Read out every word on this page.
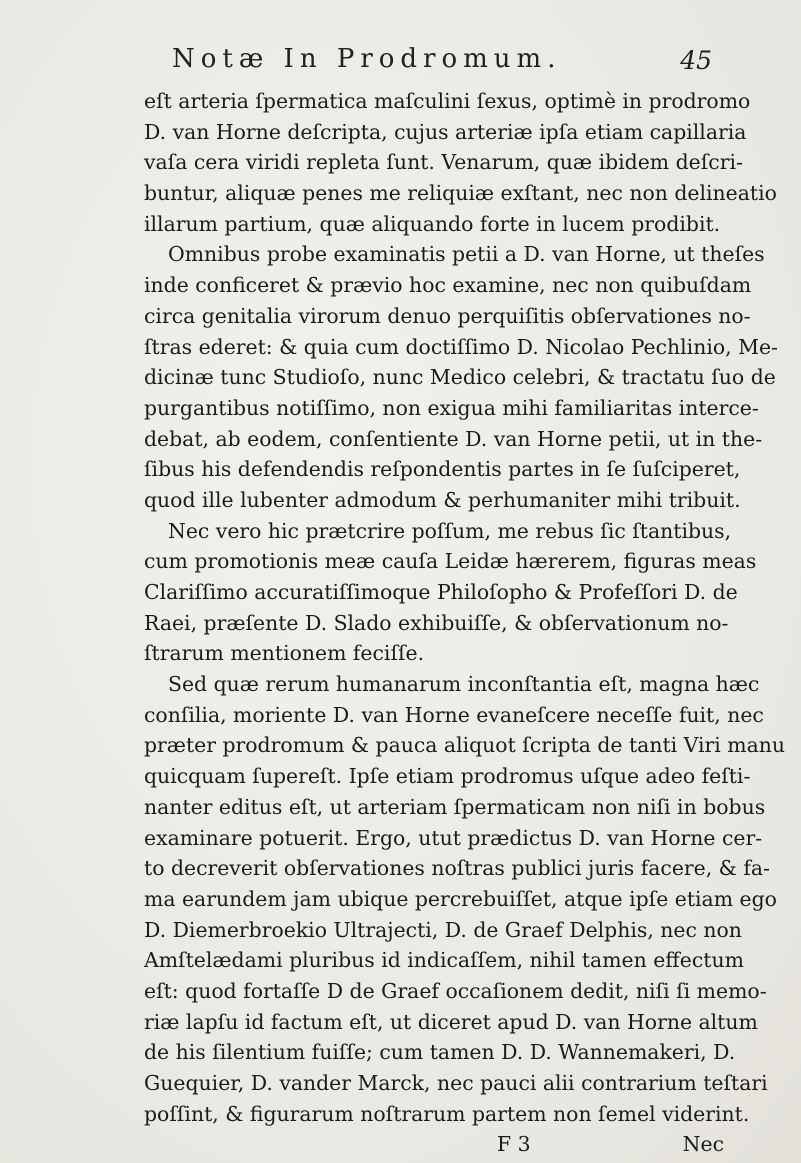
Notæ In Prodromum.	45
eſt arteria ſpermatica maſculini ſexus, optimè in prodromo
D. van Horne deſcripta, cujus arteriæ ipſa etiam capillaria
vaſa cera viridi repleta ſunt. Venarum, quæ ibidem deſcri-
buntur, aliquæ penes me reliquiæ exſtant, nec non delineatio
illarum partium, quæ aliquando forte in lucem prodibit.
Omnibus probe examinatis petii a D. van Horne, ut theſes
inde conficeret & prævio hoc examine, nec non quibuſdam
circa genitalia virorum denuo perquiſitis obſervationes no-
ſtras ederet: & quia cum doctiſſimo D. Nicolao Pechlinio, Me-
dicinæ tunc Studioſo, nunc Medico celebri, & tractatu ſuo de
purgantibus notiſſimo, non exigua mihi familiaritas interce-
debat, ab eodem, conſentiente D. van Horne petii, ut in the-
ſibus his defendendis reſpondentis partes in ſe ſuſciperet,
quod ille lubenter admodum & perhumaniter mihi tribuit.
Nec vero hic prætcrire poſſum, me rebus ſic ſtantibus,
cum promotionis meæ cauſa Leidæ hærerem, figuras meas
Clariſſimo accuratiſſimoque Philoſopho & Profeſſori D. de
Raei, præſente D. Slado exhibuiſſe, & obſervationum no-
ſtrarum mentionem feciſſe.
Sed quæ rerum humanarum inconſtantia eſt, magna hæc
conſilia, moriente D. van Horne evaneſcere neceſſe fuit, nec
præter prodromum & pauca aliquot ſcripta de tanti Viri manu
quicquam ſupereſt. Ipſe etiam prodromus uſque adeo feſti-
nanter editus eſt, ut arteriam ſpermaticam non niſi in bobus
examinare potuerit. Ergo, utut prædictus D. van Horne cer-
to decreverit obſervationes noſtras publici juris facere, & fa-
ma earundem jam ubique percrebuiſſet, atque ipſe etiam ego
D. Diemerbroekio Ultrajecti, D. de Graef Delphis, nec non
Amſtelædami pluribus id indicaſſem, nihil tamen effectum
eſt: quod fortaſſe D de Graef occaſionem dedit, niſi ſi memo-
riæ lapſu id factum eſt, ut diceret apud D. van Horne altum
de his ſilentium fuiſſe; cum tamen D. D. Wannemakeri, D.
Guequier, D. vander Marck, nec pauci alii contrarium teſtari
poſſint, & figurarum noſtrarum partem non ſemel viderint.
F 3	Nec
